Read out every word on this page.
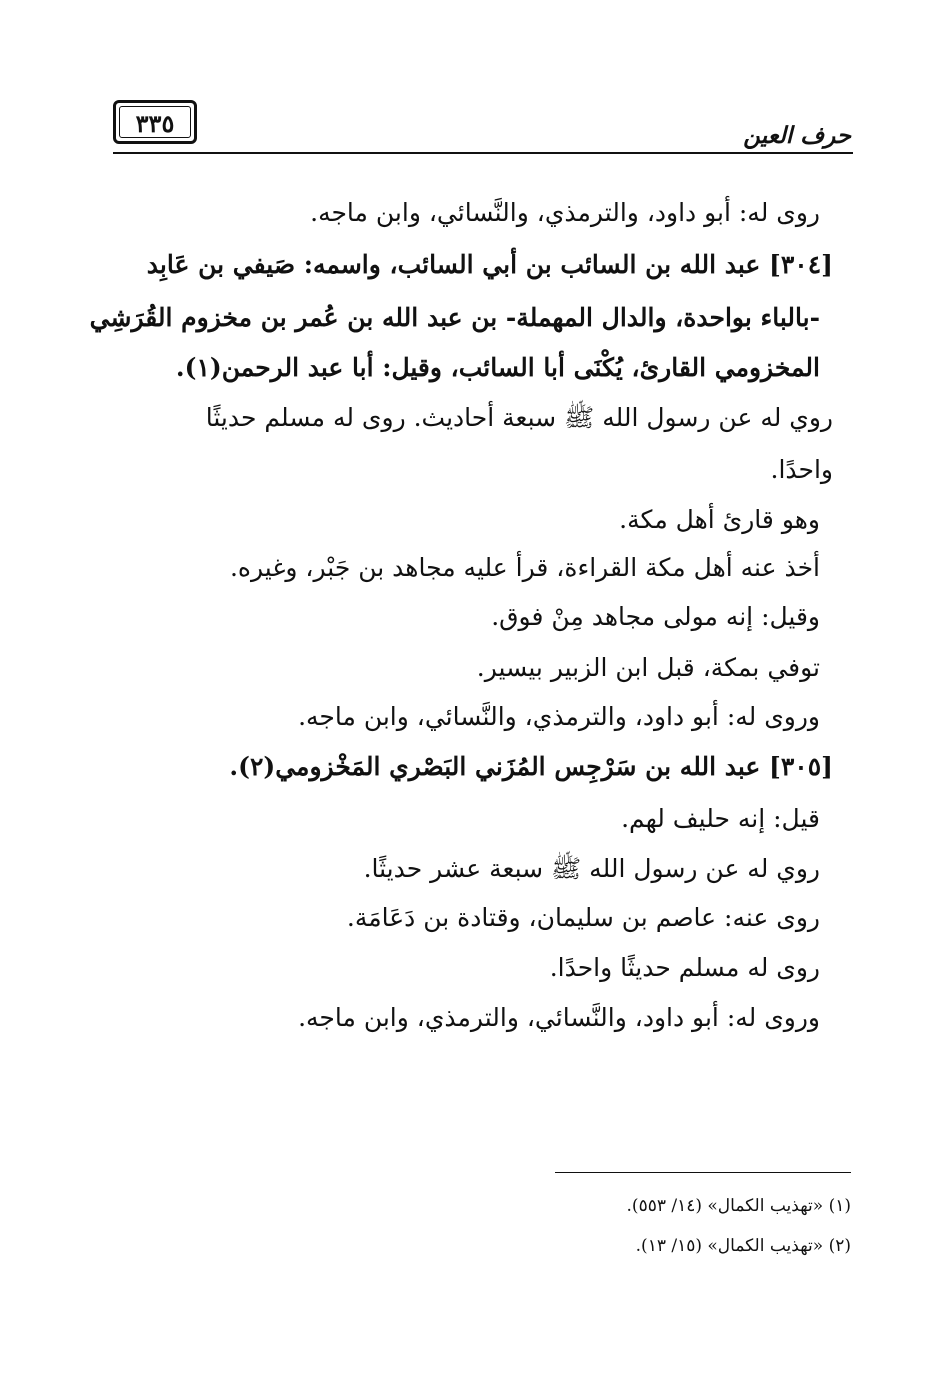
٣٣٥	حرف العين
روى له: أبو داود، والترمذي، والنَّسائي، وابن ماجه.
[٣٠٤] عبد الله بن السائب بن أبي السائب، واسمه: صَيفي بن عَابِد
-بالباء بواحدة، والدال المهملة- بن عبد الله بن عُمر بن مخزوم القُرَشِي
المخزومي القارئ، يُكْنَى أبا السائب، وقيل: أبا عبد الرحمن(١).
روي له عن رسول الله ﷺ سبعة أحاديث. روى له مسلم حديثًا
واحدًا.
وهو قارئ أهل مكة.
أخذ عنه أهل مكة القراءة، قرأ عليه مجاهد بن جَبْر، وغيره.
وقيل: إنه مولى مجاهد مِنْ فوق.
توفي بمكة، قبل ابن الزبير بيسير.
وروى له: أبو داود، والترمذي، والنَّسائي، وابن ماجه.
[٣٠٥] عبد الله بن سَرْجِس المُزَني البَصْري المَخْزومي(٢).
قيل: إنه حليف لهم.
روي له عن رسول الله ﷺ سبعة عشر حديثًا.
روى عنه: عاصم بن سليمان، وقتادة بن دَعَامَة.
روى له مسلم حديثًا واحدًا.
وروى له: أبو داود، والنَّسائي، والترمذي، وابن ماجه.
(١) «تهذيب الكمال» (١٤/ ٥٥٣).
(٢) «تهذيب الكمال» (١٥/ ١٣).
